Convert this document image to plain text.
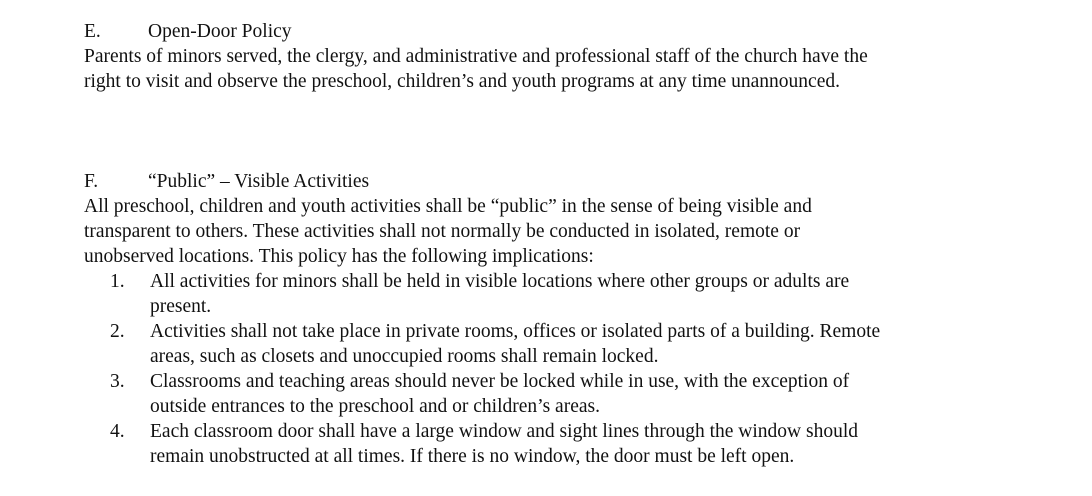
E.	Open-Door Policy

Parents of minors served, the clergy, and administrative and professional staff of the church have the
right to visit and observe the preschool, children’s and youth programs at any time unannounced.

F.	“Public” – Visible Activities

All preschool, children and youth activities shall be “public” in the sense of being visible and
transparent to others. These activities shall not normally be conducted in isolated, remote or
unobserved locations. This policy has the following implications:

1.	All activities for minors shall be held in visible locations where other groups or adults are
present.
2.	Activities shall not take place in private rooms, offices or isolated parts of a building. Remote
areas, such as closets and unoccupied rooms shall remain locked.
3.	Classrooms and teaching areas should never be locked while in use, with the exception of
outside entrances to the preschool and or children’s areas.
4.	Each classroom door shall have a large window and sight lines through the window should
remain unobstructed at all times. If there is no window, the door must be left open.
